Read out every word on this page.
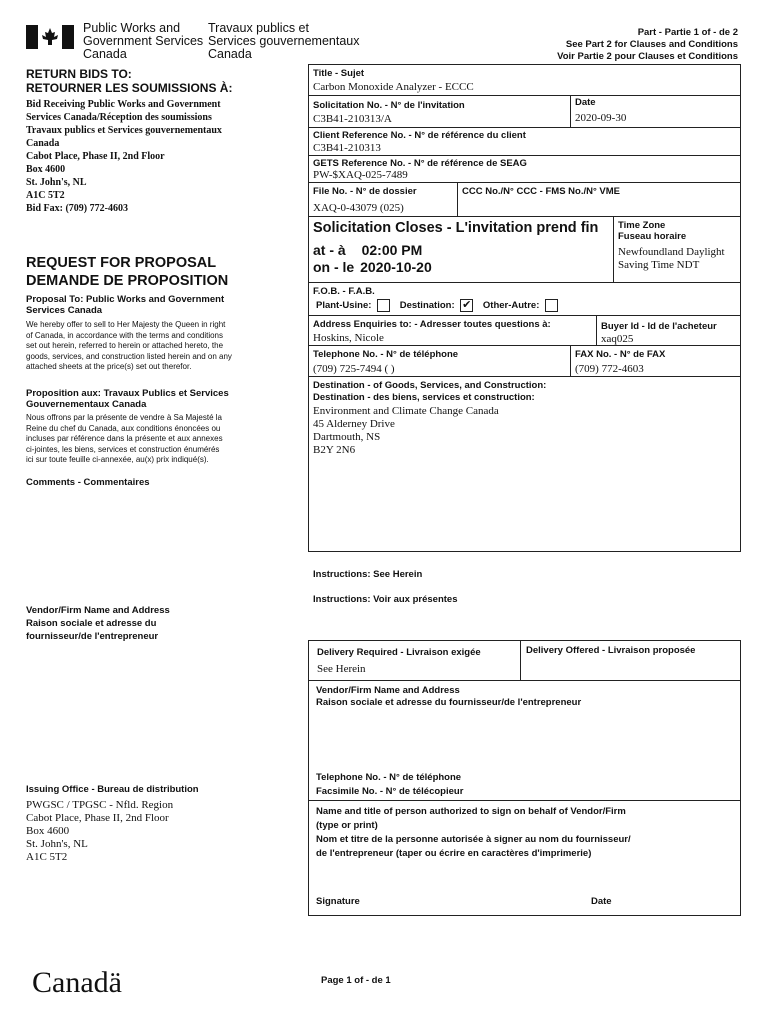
Public Works and
Government Services
Canada
Travaux publics et
Services gouvernementaux
Canada
Part - Partie 1 of - de 2
See Part 2 for Clauses and Conditions
Voir Partie 2 pour Clauses et Conditions
RETURN BIDS TO:
RETOURNER LES SOUMISSIONS À:
Bid Receiving Public Works and Government
Services Canada/Réception des soumissions
Travaux publics et Services gouvernementaux
Canada
Cabot Place, Phase II, 2nd Floor
Box 4600
St. John's, NL
A1C 5T2
Bid Fax: (709) 772-4603
REQUEST FOR PROPOSAL
DEMANDE DE PROPOSITION
Proposal To: Public Works and Government
Services Canada
We hereby offer to sell to Her Majesty the Queen in right
of Canada, in accordance with the terms and conditions
set out herein, referred to herein or attached hereto, the
goods, services, and construction listed herein and on any
attached sheets at the price(s) set out therefor.
Proposition aux: Travaux Publics et Services
Gouvernementaux Canada
Nous offrons par la présente de vendre à Sa Majesté la
Reine du chef du Canada, aux conditions énoncées ou
incluses par référence dans la présente et aux annexes
ci-jointes, les biens, services et construction énumérés
ici sur toute feuille ci-annexée, au(x) prix indiqué(s).
Comments - Commentaires
Vendor/Firm Name and Address
Raison sociale et adresse du
fournisseur/de l'entrepreneur
Issuing Office - Bureau de distribution
PWGSC / TPGSC - Nfld. Region
Cabot Place, Phase II, 2nd Floor
Box 4600
St. John's, NL
A1C 5T2
Title - Sujet
Carbon Monoxide Analyzer - ECCC
Solicitation No. - N° de l'invitation
C3B41-210313/A
Date
2020-09-30
Client Reference No. - N° de référence du client
C3B41-210313
GETS Reference No. - N° de référence de SEAG
PW-$XAQ-025-7489
File No. - N° de dossier
XAQ-0-43079 (025)
CCC No./N° CCC - FMS No./N° VME
Solicitation Closes - L'invitation prend fin
at - à 02:00 PM
on - le 2020-10-20
Time Zone
Fuseau horaire
Newfoundland Daylight
Saving Time NDT
F.O.B. - F.A.B.
Plant-Usine:	Destination: ✔ Other-Autre:
Address Enquiries to: - Adresser toutes questions à:
Hoskins, Nicole
Buyer Id - Id de l'acheteur
xaq025
Telephone No. - N° de téléphone
(709) 725-7494 ( )
FAX No. - N° de FAX
(709) 772-4603
Destination - of Goods, Services, and Construction:
Destination - des biens, services et construction:
Environment and Climate Change Canada
45 Alderney Drive
Dartmouth, NS
B2Y 2N6
Instructions: See Herein
Instructions: Voir aux présentes
Delivery Required - Livraison exigée
See Herein
Delivery Offered - Livraison proposée
Vendor/Firm Name and Address
Raison sociale et adresse du fournisseur/de l'entrepreneur
Telephone No. - N° de téléphone
Facsimile No. - N° de télécopieur
Name and title of person authorized to sign on behalf of Vendor/Firm
(type or print)
Nom et titre de la personne autorisée à signer au nom du fournisseur/
de l'entrepreneur (taper ou écrire en caractères d'imprimerie)
Signature	Date
Canadä	Page 1 of - de 1
